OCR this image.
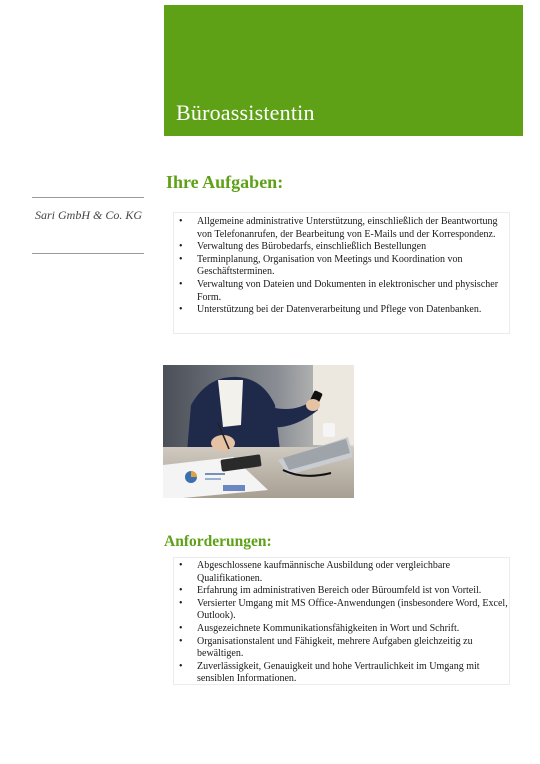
Büroassistentin
Sari GmbH & Co. KG
Ihre Aufgaben:
• Allgemeine administrative Unterstützung, einschließlich der Beantwortung von Telefonanrufen, der Bearbeitung von E-Mails und der Korrespondenz.
• Verwaltung des Bürobedarfs, einschließlich Bestellungen
• Terminplanung, Organisation von Meetings und Koordination von Geschäftsterminen.
• Verwaltung von Dateien und Dokumenten in elektronischer und physischer Form.
• Unterstützung bei der Datenverarbeitung und Pflege von Datenbanken.
Anforderungen:
• Abgeschlossene kaufmännische Ausbildung oder vergleichbare Qualifikationen.
• Erfahrung im administrativen Bereich oder Büroumfeld ist von Vorteil.
• Versierter Umgang mit MS Office-Anwendungen (insbesondere Word, Excel, Outlook).
• Ausgezeichnete Kommunikationsfähigkeiten in Wort und Schrift.
• Organisationstalent und Fähigkeit, mehrere Aufgaben gleichzeitig zu bewältigen.
• Zuverlässigkeit, Genauigkeit und hohe Vertraulichkeit im Umgang mit sensiblen Informationen.
